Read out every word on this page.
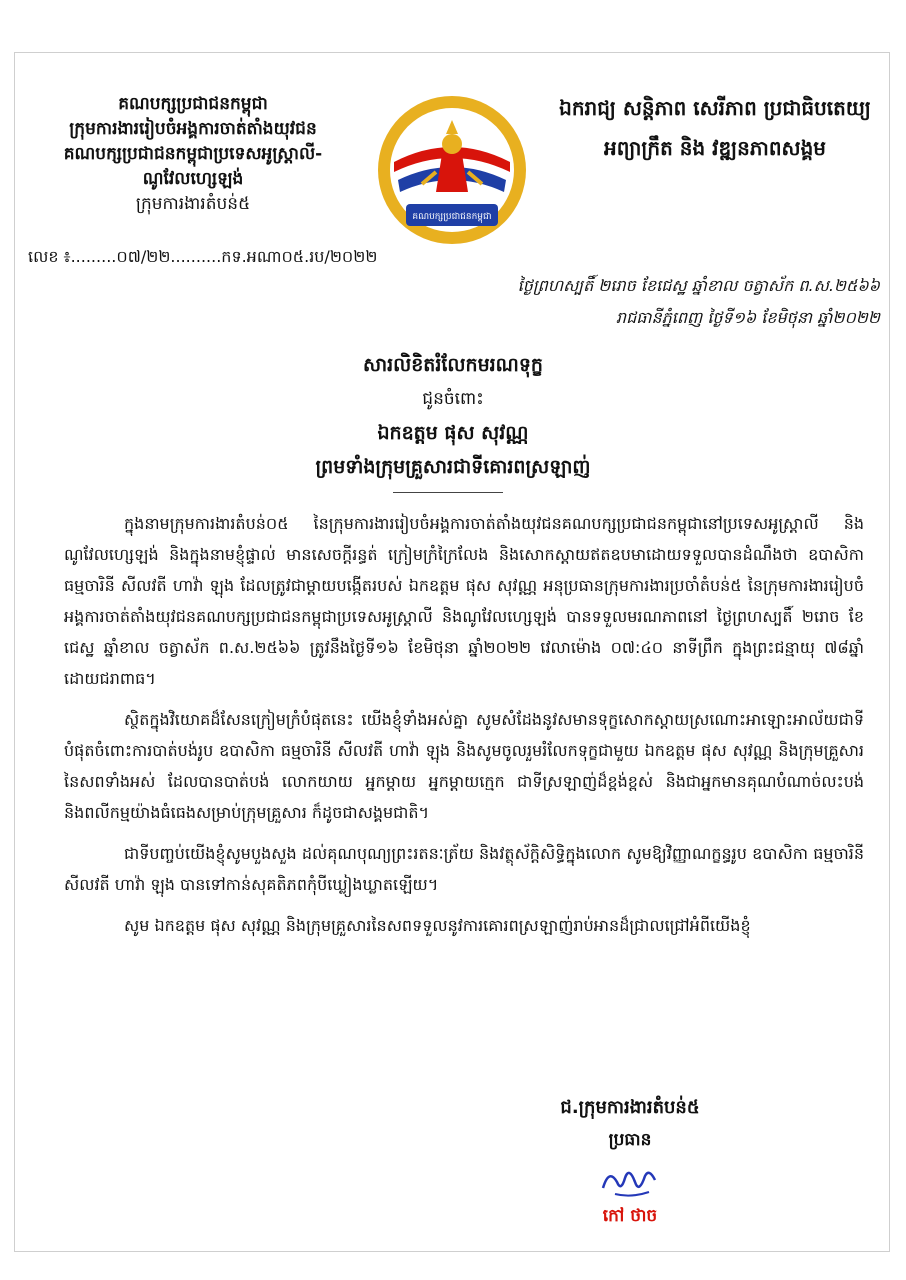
គណបក្សប្រជាជនកម្ពុជា
ក្រុមការងាររៀបចំអង្គការចាត់តាំងយុវជន
គណបក្សប្រជាជនកម្ពុជាប្រទេសអូស្ត្រាលី-
ណូវែលហ្សេឡង់
ក្រុមការងារតំបន់៥
លេខ ៖.........០៧/២២..........កទ.អណា០៥.រប/២០២២
គណបក្សប្រជាជនកម្ពុជា
ឯករាជ្យ សន្តិភាព សេរីភាព ប្រជាធិបតេយ្យ
អព្យាក្រឹត និង វឌ្ឍនភាពសង្គម
ថ្ងៃព្រហស្បតិ៍ ២រោច ខែជេស្ឋ ឆ្នាំខាល ចត្វាស័ក ព.ស.២៥៦៦
រាជធានីភ្នំពេញ ថ្ងៃទី១៦ ខែមិថុនា ឆ្នាំ២០២២
សារលិខិតរំលែកមរណទុក្ខ
ជូនចំពោះ
ឯកឧត្តម ផុស សុវណ្ណ
ព្រមទាំងក្រុមគ្រួសារជាទីគោរពស្រឡាញ់

ក្នុងនាមក្រុមការងារតំបន់០៥ នៃក្រុមការងាររៀបចំអង្គការចាត់តាំងយុវជនគណបក្សប្រជាជនកម្ពុជានៅប្រទេសអូស្ត្រាលី និងណូវែលហ្សេឡង់ និងក្នុងនាមខ្ញុំផ្ទាល់ មានសេចក្តីរន្ធត់ ក្រៀមក្រំក្រៃលែង និងសោកស្តាយឥតឧបមាដោយទទួលបានដំណឹងថា ឧបាសិកា ធម្មចារិនី សីលវតី ហាវ៉ា ឡុង ដែលត្រូវជាម្តាយបង្កើតរបស់ ឯកឧត្តម ផុស សុវណ្ណ អនុប្រធានក្រុមការងារប្រចាំតំបន់៥ នៃក្រុមការងាររៀបចំអង្គការចាត់តាំងយុវជនគណបក្សប្រជាជនកម្ពុជាប្រទេសអូស្ត្រាលី និងណូវែលហ្សេឡង់ បានទទួលមរណភាពនៅ ថ្ងៃព្រហស្បតិ៍ ២រោច ខែជេស្ឋ ឆ្នាំខាល ចត្វាស័ក ព.ស.២៥៦៦ ត្រូវនឹងថ្ងៃទី១៦ ខែមិថុនា ឆ្នាំ២០២២ វេលាម៉ោង ០៧:៤០ នាទីព្រឹក ក្នុងព្រះជន្មាយុ ៧៨ឆ្នាំ ដោយជរាពាធ។

ស្ថិតក្នុងវិយោគដ៏សែនក្រៀមក្រំបំផុតនេះ យើងខ្ញុំទាំងអស់គ្នា សូមសំដែងនូវសមានទុក្ខសោកស្តាយស្រណោះអាឡោះអាល័យជាទីបំផុតចំពោះការបាត់បង់រូប ឧបាសិកា ធម្មចារិនី សីលវតី ហាវ៉ា ឡុង និងសូមចូលរួមរំលែកទុក្ខជាមួយ ឯកឧត្តម ផុស សុវណ្ណ និងក្រុមគ្រួសារនៃសពទាំងអស់ ដែលបានបាត់បង់ លោកយាយ អ្នកម្តាយ អ្នកម្តាយក្មេក ជាទីស្រឡាញ់ដ៏ខ្ពង់ខ្ពស់ និងជាអ្នកមានគុណបំណាច់លះបង់ និងពលីកម្មយ៉ាងធំធេងសម្រាប់ក្រុមគ្រួសារ ក៏ដូចជាសង្គមជាតិ។

ជាទីបញ្ចប់យើងខ្ញុំសូមបួងសួង ដល់គុណបុណ្យព្រះរតនៈត្រ័យ និងវត្ថុស័ក្តិសិទ្ធិក្នុងលោក សូមឱ្យវិញ្ញាណក្ខន្ធរូប ឧបាសិកា ធម្មចារិនី សីលវតី ហាវ៉ា ឡុង បានទៅកាន់សុគតិភពកុំបីឃ្លៀងឃ្លាតឡើយ។

សូម ឯកឧត្តម ផុស សុវណ្ណ និងក្រុមគ្រួសារនៃសពទទួលនូវការគោរពស្រឡាញ់រាប់អានដ៏ជ្រាលជ្រៅអំពីយើងខ្ញុំ

ជ.ក្រុមការងារតំបន់៥
ប្រធាន
កៅ ថាច
